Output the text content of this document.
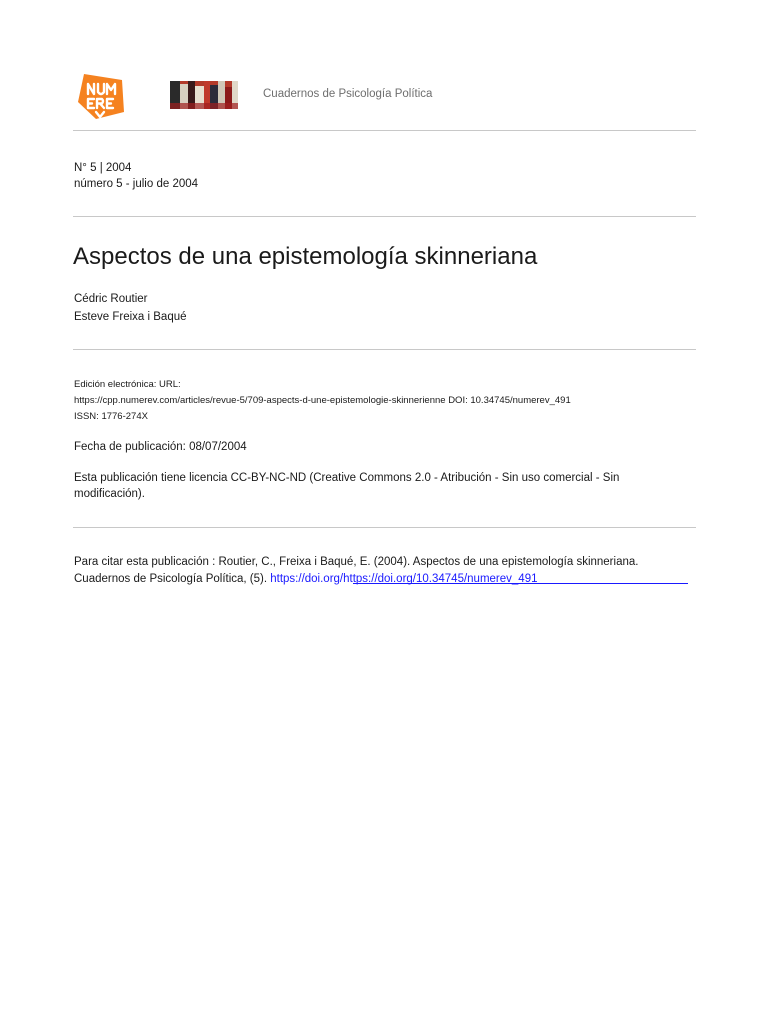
Cuadernos de Psicología Política
N° 5 | 2004
número 5 - julio de 2004
Aspectos de una epistemología skinneriana
Cédric Routier
Esteve Freixa i Baqué
Edición electrónica: URL:
https://cpp.numerev.com/articles/revue-5/709-aspects-d-une-epistemologie-skinnerienne DOI: 10.34745/numerev_491
ISSN: 1776-274X
Fecha de publicación: 08/07/2004
Esta publicación tiene licencia CC-BY-NC-ND (Creative Commons 2.0 - Atribución - Sin uso comercial - Sin modificación).
Para citar esta publicación : Routier, C., Freixa i Baqué, E. (2004). Aspectos de una epistemología skinneriana. Cuadernos de Psicología Política, (5). https://doi.org/https://doi.org/10.34745/numerev_491
